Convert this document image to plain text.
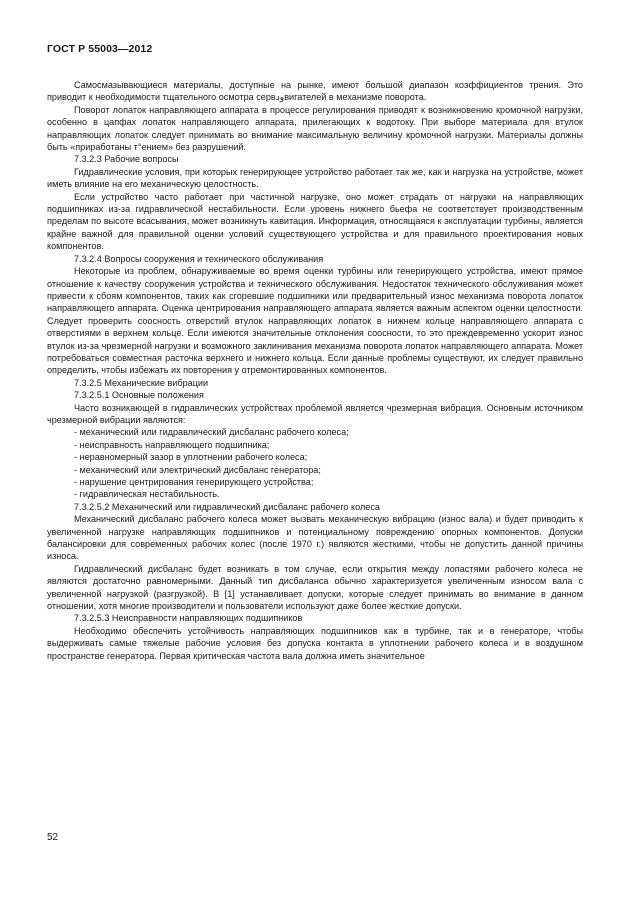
ГОСТ Р 55003—2012

Самосмазывающиеся материалы, доступные на рынке, имеют большой диапазон коэффициентов трения. Это приводит к необходимости тщательного осмотра сервودвигателей в механизме поворота.

Поворот лопаток направляющего аппарата в процессе регулирования приводят к возникновению кромочной нагрузки, особенно в цапфах лопаток направляющего аппарата, прилегающих к водотоку. При выборе материала для втулок направляющих лопаток следует принимать во внимание максимальную величину кромочной нагрузки. Материалы должны быть «приработаны т°ением» без разрушений.

7.3.2.3 Рабочие вопросы

Гидравлические условия, при которых генерирующее устройство работает так же, как и нагрузка на устройстве, может иметь влияние на его механическую целостность.

Если устройство часто работает при частичной нагрузке, оно может страдать от нагрузки на направляющих подшипниках из-за гидравлической нестабильности. Если уровень нижнего бьефа не соответствует производственным пределам по высоте всасывания, может возникнуть кавитация. Информация, относящаяся к эксплуатации турбины, является крайне важной для правильной оценки условий существующего устройства и для правильного проектирования новых компонентов.

7.3.2.4 Вопросы сооружения и технического обслуживания

Некоторые из проблем, обнаруживаемые во время оценки турбины или генерирующего устройства, имеют прямое отношение к качеству сооружения устройства и технического обслуживания. Недостаток технического обслуживания может привести к сбоям компонентов, таких как сгоревшие подшипники или предварительный износ механизма поворота лопаток направляющего аппарата. Оценка центрирования направляющего аппарата является важным аспектом оценки целостности. Следует проверить соосность отверстий втулок направляющих лопаток в нижнем кольце направляющего аппарата с отверстиями в верхнем кольце. Если имеются значительные отклонения соосности, то это преждевременно ускорит износ втулок из-за чрезмерной нагрузки и возможного заклинивания механизма поворота лопаток направляющего аппарата. Может потребоваться совместная расточка верхнего и нижнего кольца. Если данные проблемы существуют, их следует правильно определить, чтобы избежать их повторения у отремонтированных компонентов.

7.3.2.5 Механические вибрации

7.3.2.5.1 Основные положения

Часто возникающей в гидравлических устройствах проблемой является чрезмерная вибрация. Основным источником чрезмерной вибрации являются:

- механический или гидравлический дисбаланс рабочего колеса;

- неисправность направляющего подшипника;

- неравномерный зазор в уплотнении рабочего колеса;

- механический или электрический дисбаланс генератора;

- нарушение центрирования генерирующего устройства;

- гидравлическая нестабильность.

7.3.2.5.2 Механический или гидравлический дисбаланс рабочего колеса

Механический дисбаланс рабочего колеса может вызвать механическую вибрацию (износ вала) и будет приводить к увеличенной нагрузке направляющих подшипников и потенциальному повреждению опорных компонентов. Допуски балансировки для современных рабочих колес (после 1970 г.) являются жесткими, чтобы не допустить данной причины износа.

Гидравлический дисбаланс будет возникать в том случае, если открытия между лопастями рабочего колеса не являются достаточно равномерными. Данный тип дисбаланса обычно характеризуется увеличенным износом вала с увеличенной нагрузкой (разгрузкой). В [1] устанавливает допуски, которые следует принимать во внимание в данном отношении, хотя многие производители и пользователи используют даже более жесткие допуски.

7.3.2.5.3 Неисправности направляющих подшипников

Необходимо обеспечить устойчивость направляющих подшипников как в турбине, так и в генераторе, чтобы выдерживать самые тяжелые рабочие условия без допуска контакта в уплотнении рабочего колеса и в воздушном пространстве генератора. Первая критическая частота вала должна иметь значительное

52
